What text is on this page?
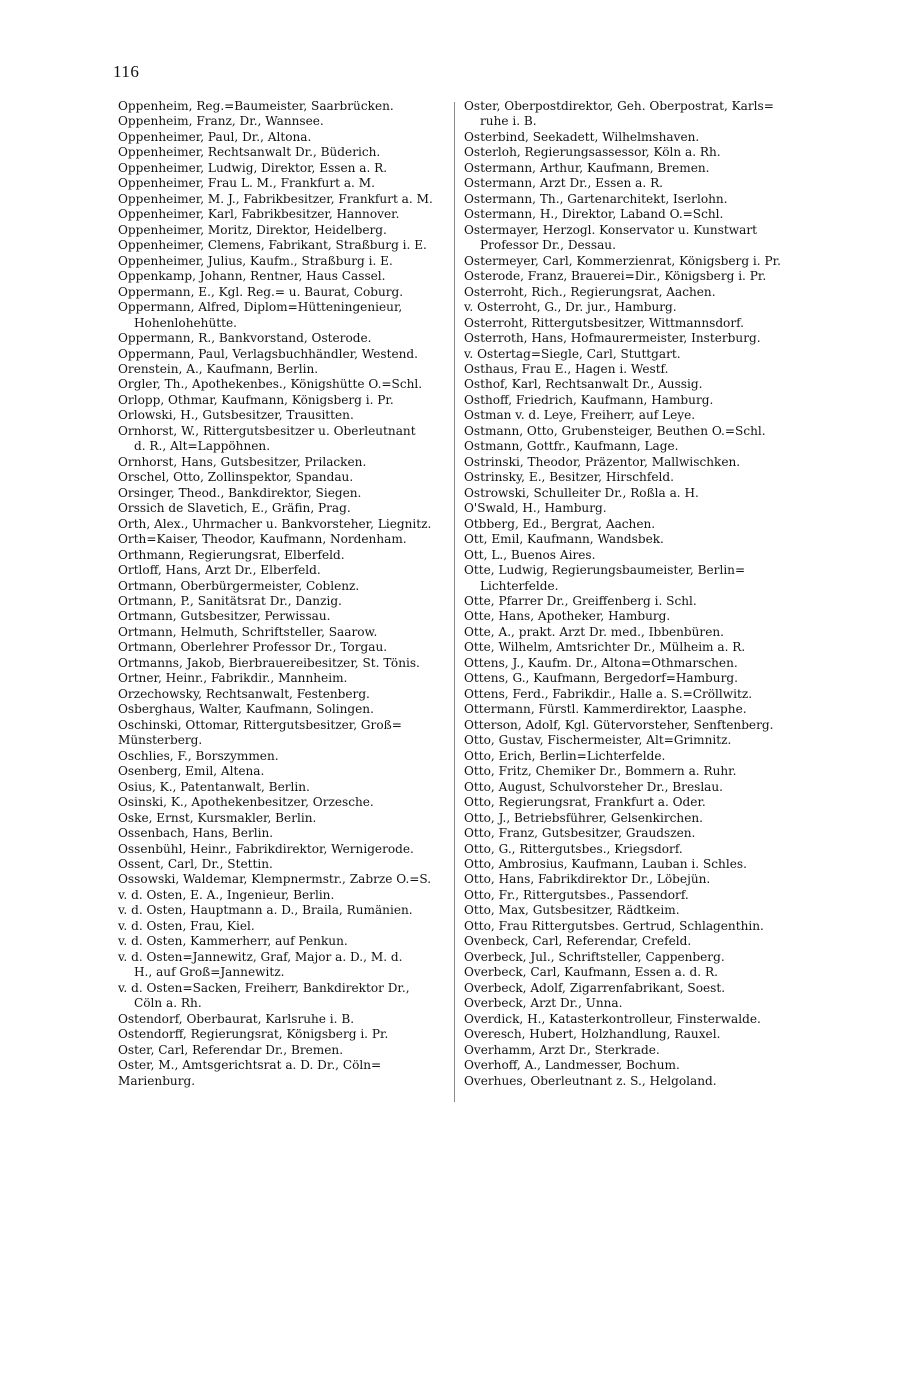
116
Oppenheim, Reg.=Baumeister, Saarbrücken.
Oppenheim, Franz, Dr., Wannsee.
Oppenheimer, Paul, Dr., Altona.
Oppenheimer, Rechtsanwalt Dr., Büderich.
Oppenheimer, Ludwig, Direktor, Essen a. R.
Oppenheimer, Frau L. M., Frankfurt a. M.
Oppenheimer, M. J., Fabrikbesitzer, Frankfurt a. M.
Oppenheimer, Karl, Fabrikbesitzer, Hannover.
Oppenheimer, Moritz, Direktor, Heidelberg.
Oppenheimer, Clemens, Fabrikant, Straßburg i. E.
Oppenheimer, Julius, Kaufm., Straßburg i. E.
Oppenkamp, Johann, Rentner, Haus Cassel.
Oppermann, E., Kgl. Reg.= u. Baurat, Coburg.
Oppermann, Alfred, Diplom=Hütteningenieur,
Hohenlohehütte.
Oppermann, R., Bankvorstand, Osterode.
Oppermann, Paul, Verlagsbuchhändler, Westend.
Orenstein, A., Kaufmann, Berlin.
Orgler, Th., Apothekenbes., Königshütte O.=Schl.
Orlopp, Othmar, Kaufmann, Königsberg i. Pr.
Orlowski, H., Gutsbesitzer, Trausitten.
Ornhorst, W., Rittergutsbesitzer u. Oberleutnant
d. R., Alt=Lappöhnen.
Ornhorst, Hans, Gutsbesitzer, Prilacken.
Orschel, Otto, Zollinspektor, Spandau.
Orsinger, Theod., Bankdirektor, Siegen.
Orssich de Slavetich, E., Gräfin, Prag.
Orth, Alex., Uhrmacher u. Bankvorsteher, Liegnitz.
Orth=Kaiser, Theodor, Kaufmann, Nordenham.
Orthmann, Regierungsrat, Elberfeld.
Ortloff, Hans, Arzt Dr., Elberfeld.
Ortmann, Oberbürgermeister, Coblenz.
Ortmann, P., Sanitätsrat Dr., Danzig.
Ortmann, Gutsbesitzer, Perwissau.
Ortmann, Helmuth, Schriftsteller, Saarow.
Ortmann, Oberlehrer Professor Dr., Torgau.
Ortmanns, Jakob, Bierbrauereibesitzer, St. Tönis.
Ortner, Heinr., Fabrikdir., Mannheim.
Orzechowsky, Rechtsanwalt, Festenberg.
Osberghaus, Walter, Kaufmann, Solingen.
Oschinski, Ottomar, Rittergutsbesitzer, Groß=
Münsterberg.
Oschlies, F., Borszymmen.
Osenberg, Emil, Altena.
Osius, K., Patentanwalt, Berlin.
Osinski, K., Apothekenbesitzer, Orzesche.
Oske, Ernst, Kursmakler, Berlin.
Ossenbach, Hans, Berlin.
Ossenbühl, Heinr., Fabrikdirektor, Wernigerode.
Ossent, Carl, Dr., Stettin.
Ossowski, Waldemar, Klempnermstr., Zabrze O.=S.
v. d. Osten, E. A., Ingenieur, Berlin.
v. d. Osten, Hauptmann a. D., Braila, Rumänien.
v. d. Osten, Frau, Kiel.
v. d. Osten, Kammerherr, auf Penkun.
v. d. Osten=Jannewitz, Graf, Major a. D., M. d.
H., auf Groß=Jannewitz.
v. d. Osten=Sacken, Freiherr, Bankdirektor Dr.,
Cöln a. Rh.
Ostendorf, Oberbaurat, Karlsruhe i. B.
Ostendorff, Regierungsrat, Königsberg i. Pr.
Oster, Carl, Referendar Dr., Bremen.
Oster, M., Amtsgerichtsrat a. D. Dr., Cöln=
Marienburg.
Oster, Oberpostdirektor, Geh. Oberpostrat, Karls=
ruhe i. B.
Osterbind, Seekadett, Wilhelmshaven.
Osterloh, Regierungsassessor, Köln a. Rh.
Ostermann, Arthur, Kaufmann, Bremen.
Ostermann, Arzt Dr., Essen a. R.
Ostermann, Th., Gartenarchitekt, Iserlohn.
Ostermann, H., Direktor, Laband O.=Schl.
Ostermayer, Herzogl. Konservator u. Kunstwart
Professor Dr., Dessau.
Ostermeyer, Carl, Kommerzienrat, Königsberg i. Pr.
Osterode, Franz, Brauerei=Dir., Königsberg i. Pr.
Osterroht, Rich., Regierungsrat, Aachen.
v. Osterroht, G., Dr. jur., Hamburg.
Osterroht, Rittergutsbesitzer, Wittmannsdorf.
Osterroth, Hans, Hofmaurermeister, Insterburg.
v. Ostertag=Siegle, Carl, Stuttgart.
Osthaus, Frau E., Hagen i. Westf.
Osthof, Karl, Rechtsanwalt Dr., Aussig.
Osthoff, Friedrich, Kaufmann, Hamburg.
Ostman v. d. Leye, Freiherr, auf Leye.
Ostmann, Otto, Grubensteiger, Beuthen O.=Schl.
Ostmann, Gottfr., Kaufmann, Lage.
Ostrinski, Theodor, Präzentor, Mallwischken.
Ostrinsky, E., Besitzer, Hirschfeld.
Ostrowski, Schulleiter Dr., Roßla a. H.
O'Swald, H., Hamburg.
Otbberg, Ed., Bergrat, Aachen.
Ott, Emil, Kaufmann, Wandsbek.
Ott, L., Buenos Aires.
Otte, Ludwig, Regierungsbaumeister, Berlin=
Lichterfelde.
Otte, Pfarrer Dr., Greiffenberg i. Schl.
Otte, Hans, Apotheker, Hamburg.
Otte, A., prakt. Arzt Dr. med., Ibbenbüren.
Otte, Wilhelm, Amtsrichter Dr., Mülheim a. R.
Ottens, J., Kaufm. Dr., Altona=Othmarschen.
Ottens, G., Kaufmann, Bergedorf=Hamburg.
Ottens, Ferd., Fabrikdir., Halle a. S.=Cröllwitz.
Ottermann, Fürstl. Kammerdirektor, Laasphe.
Otterson, Adolf, Kgl. Gütervorsteher, Senftenberg.
Otto, Gustav, Fischermeister, Alt=Grimnitz.
Otto, Erich, Berlin=Lichterfelde.
Otto, Fritz, Chemiker Dr., Bommern a. Ruhr.
Otto, August, Schulvorsteher Dr., Breslau.
Otto, Regierungsrat, Frankfurt a. Oder.
Otto, J., Betriebsführer, Gelsenkirchen.
Otto, Franz, Gutsbesitzer, Graudszen.
Otto, G., Rittergutsbes., Kriegsdorf.
Otto, Ambrosius, Kaufmann, Lauban i. Schles.
Otto, Hans, Fabrikdirektor Dr., Löbejün.
Otto, Fr., Rittergutsbes., Passendorf.
Otto, Max, Gutsbesitzer, Rädtkeim.
Otto, Frau Rittergutsbes. Gertrud, Schlagenthin.
Ovenbeck, Carl, Referendar, Crefeld.
Overbeck, Jul., Schriftsteller, Cappenberg.
Overbeck, Carl, Kaufmann, Essen a. d. R.
Overbeck, Adolf, Zigarrenfabrikant, Soest.
Overbeck, Arzt Dr., Unna.
Overdick, H., Katasterkontrolleur, Finsterwalde.
Overesch, Hubert, Holzhandlung, Rauxel.
Overhamm, Arzt Dr., Sterkrade.
Overhoff, A., Landmesser, Bochum.
Overhues, Oberleutnant z. S., Helgoland.
